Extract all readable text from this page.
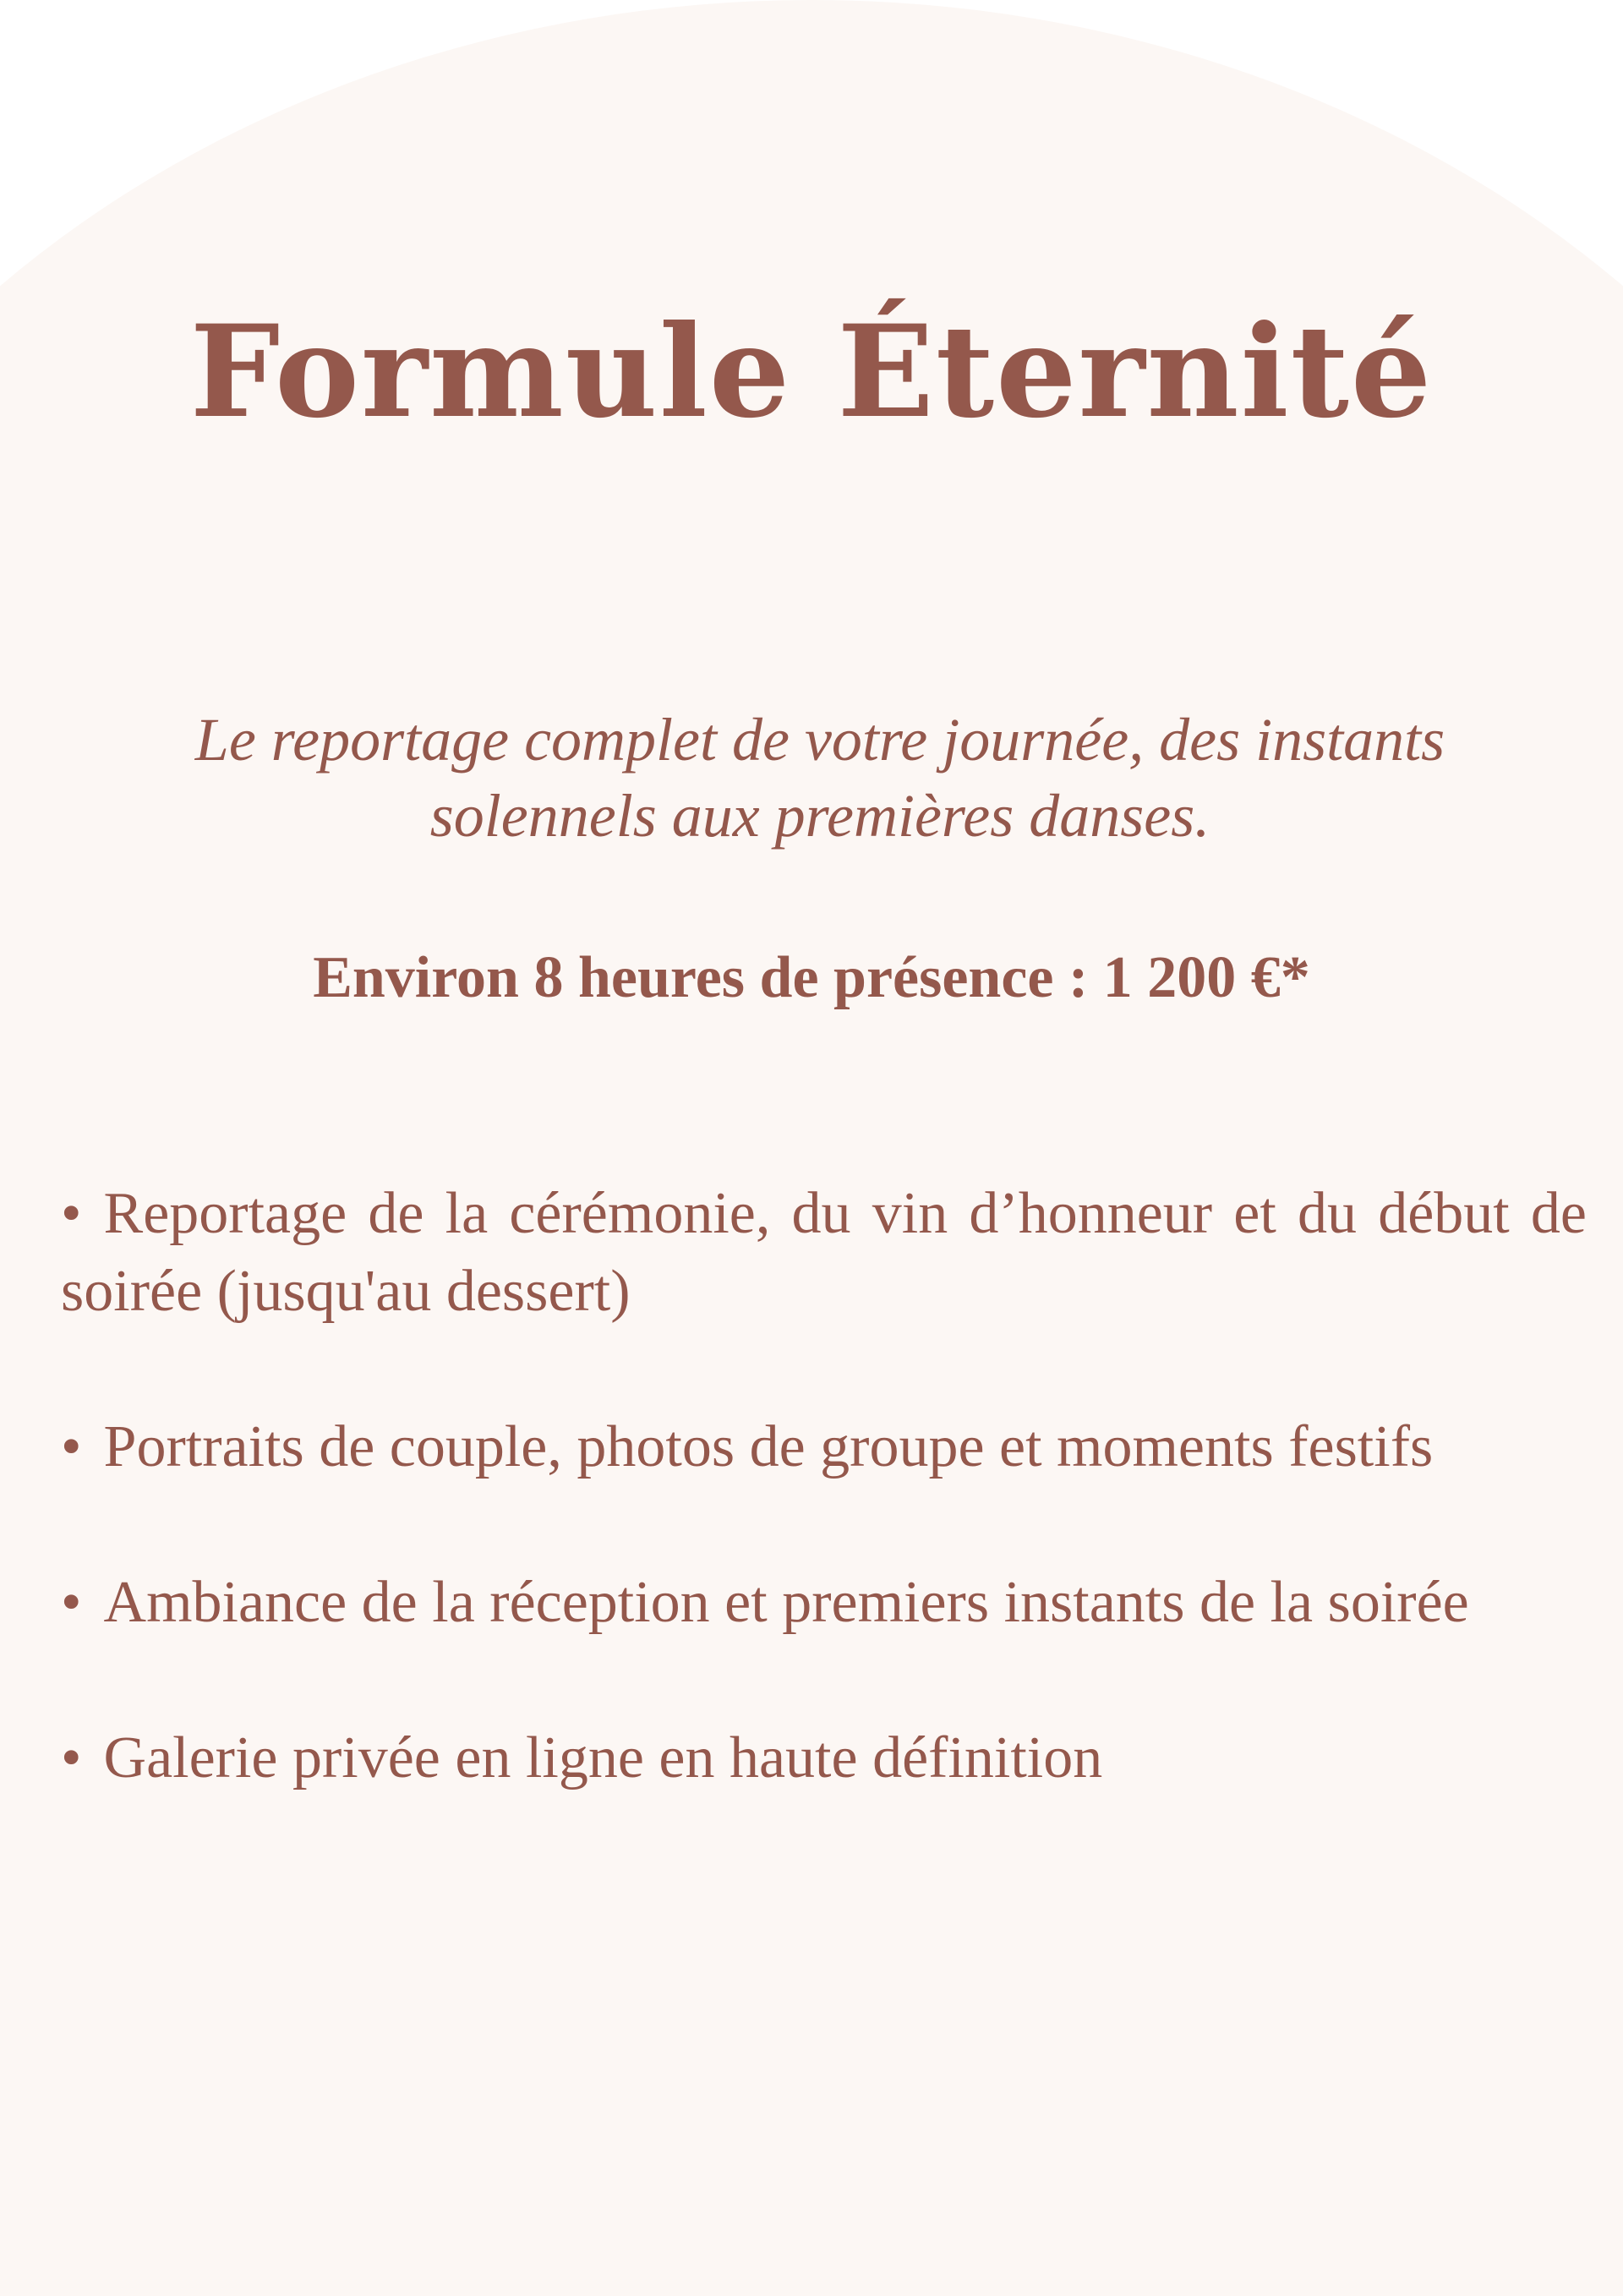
Formule Éternité

Le reportage complet de votre journée, des instants solennels aux premières danses.

Environ 8 heures de présence : 1 200 €*

• Reportage de la cérémonie, du vin d’honneur et du début de soirée (jusqu'au dessert)
• Portraits de couple, photos de groupe et moments festifs
• Ambiance de la réception et premiers instants de la soirée
• Galerie privée en ligne en haute définition
